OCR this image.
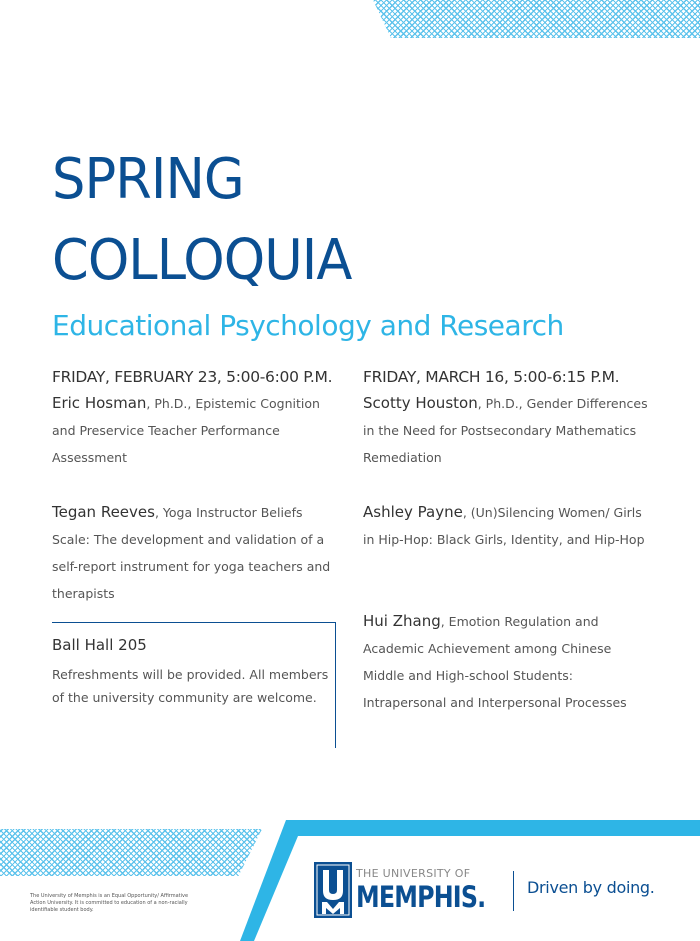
SPRING
COLLOQUIA
Educational Psychology and Research
FRIDAY, FEBRUARY 23, 5:00-6:00 P.M. FRIDAY, MARCH 16, 5:00-6:15 P.M.
Eric Hosman, Ph.D., Epistemic Cognition and Preservice Teacher Performance Assessment
Tegan Reeves, Yoga Instructor Beliefs Scale: The development and validation of a self-report instrument for yoga teachers and therapists
Scotty Houston, Ph.D., Gender Differences in the Need for Postsecondary Mathematics Remediation
Ashley Payne, (Un)Silencing Women/ Girls in Hip-Hop: Black Girls, Identity, and Hip-Hop
Hui Zhang, Emotion Regulation and Academic Achievement among Chinese Middle and High-school Students: Intrapersonal and Interpersonal Processes
Ball Hall 205
Refreshments will be provided. All members of the university community are welcome.
The University of Memphis is an Equal Opportunity/ Affirmative Action University. It is committed to education of a non-racially identifiable student body.
THE UNIVERSITY OF
MEMPHIS.	Driven by doing.
